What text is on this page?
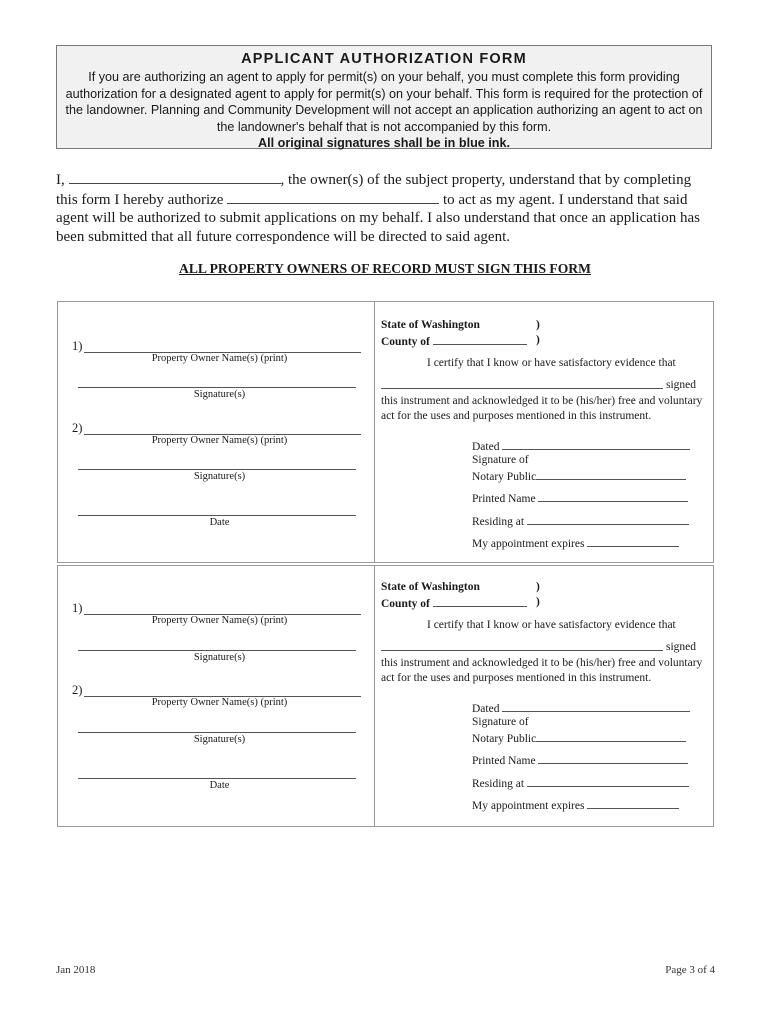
APPLICANT AUTHORIZATION FORM
If you are authorizing an agent to apply for permit(s) on your behalf, you must complete this form providing authorization for a designated agent to apply for permit(s) on your behalf. This form is required for the protection of the landowner. Planning and Community Development will not accept an application authorizing an agent to act on the landowner's behalf that is not accompanied by this form.
All original signatures shall be in blue ink.
I,	, the owner(s) of the subject property, understand that by completing this form I hereby authorize	to act as my agent. I understand that said agent will be authorized to submit applications on my behalf. I also understand that once an application has been submitted that all future correspondence will be directed to said agent.
ALL PROPERTY OWNERS OF RECORD MUST SIGN THIS FORM
1)
Property Owner Name(s) (print)
Signature(s)
2)
Property Owner Name(s) (print)
Signature(s)
Date
State of Washington	)
County of	)
I certify that I know or have satisfactory evidence that
signed
this instrument and acknowledged it to be (his/her) free and voluntary act for the uses and purposes mentioned in this instrument.
Dated
Signature of
Notary Public
Printed Name
Residing at
My appointment expires
1)
Property Owner Name(s) (print)
Signature(s)
2)
Property Owner Name(s) (print)
Signature(s)
Date
State of Washington	)
County of	)
I certify that I know or have satisfactory evidence that
signed
this instrument and acknowledged it to be (his/her) free and voluntary act for the uses and purposes mentioned in this instrument.
Dated
Signature of
Notary Public
Printed Name
Residing at
My appointment expires
Jan 2018	Page 3 of 4
